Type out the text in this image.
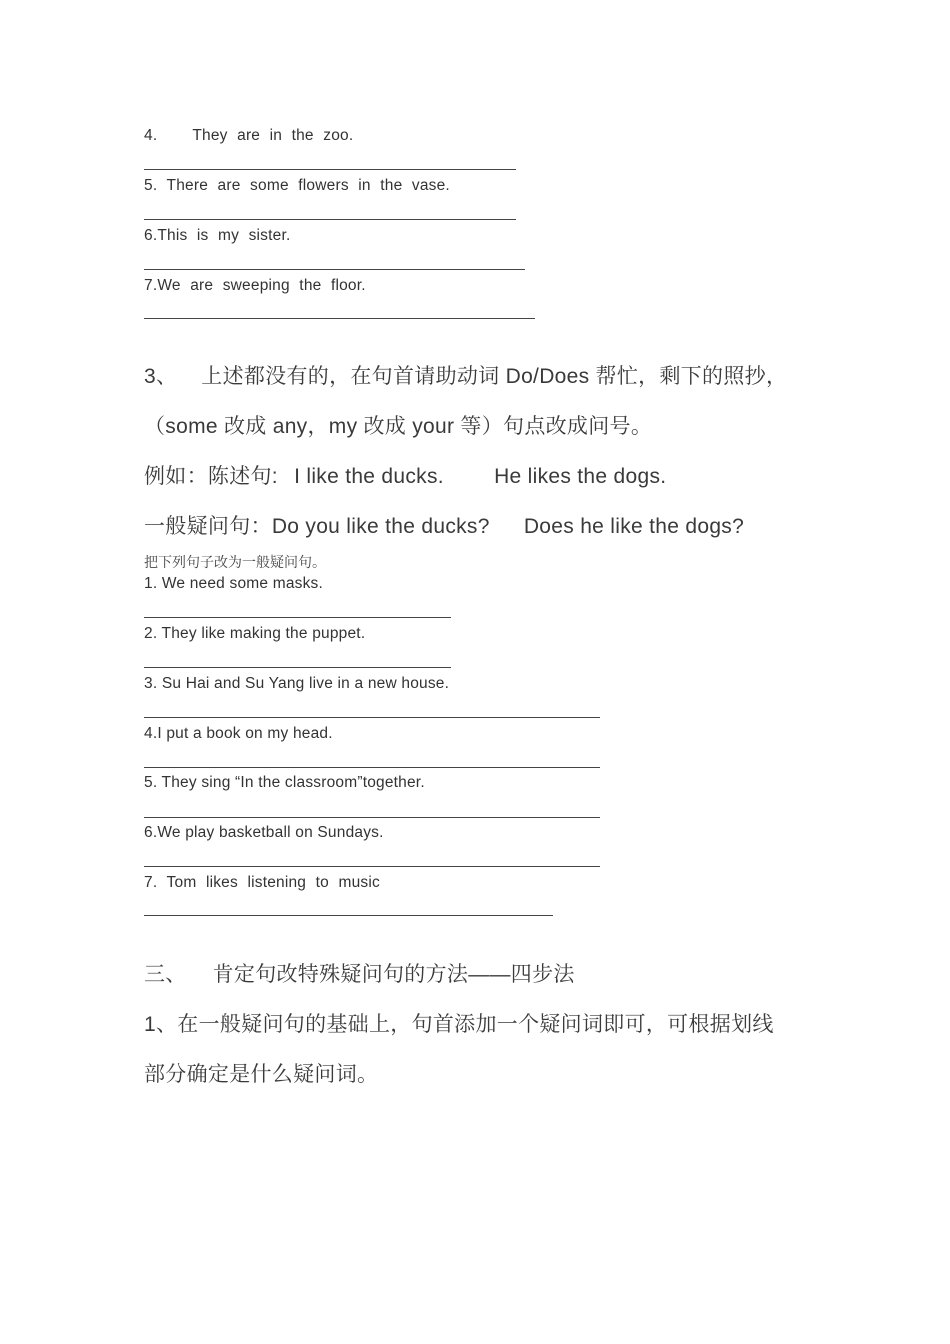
4. They are in the zoo.
5. There are some flowers in the vase.
6.This is my sister.
7.We are sweeping the floor.
3、 上述都没有的，在句首请助动词 Do/Does 帮忙，剩下的照抄，
（some 改成 any，my 改成 your 等）句点改成问号。
例如：陈述句: I like the ducks. He likes the dogs.
一般疑问句：Do you like the ducks? Does he like the dogs?
把下列句子改为一般疑问句。
1. We need some masks.
2. They like making the puppet.
3. Su Hai and Su Yang live in a new house.
4.I put a book on my head.
5. They sing “In the classroom”together.
6.We play basketball on Sundays.
7. Tom likes listening to music
三、 肯定句改特殊疑问句的方法——四步法
1、在一般疑问句的基础上，句首添加一个疑问词即可，可根据划线
部分确定是什么疑问词。
